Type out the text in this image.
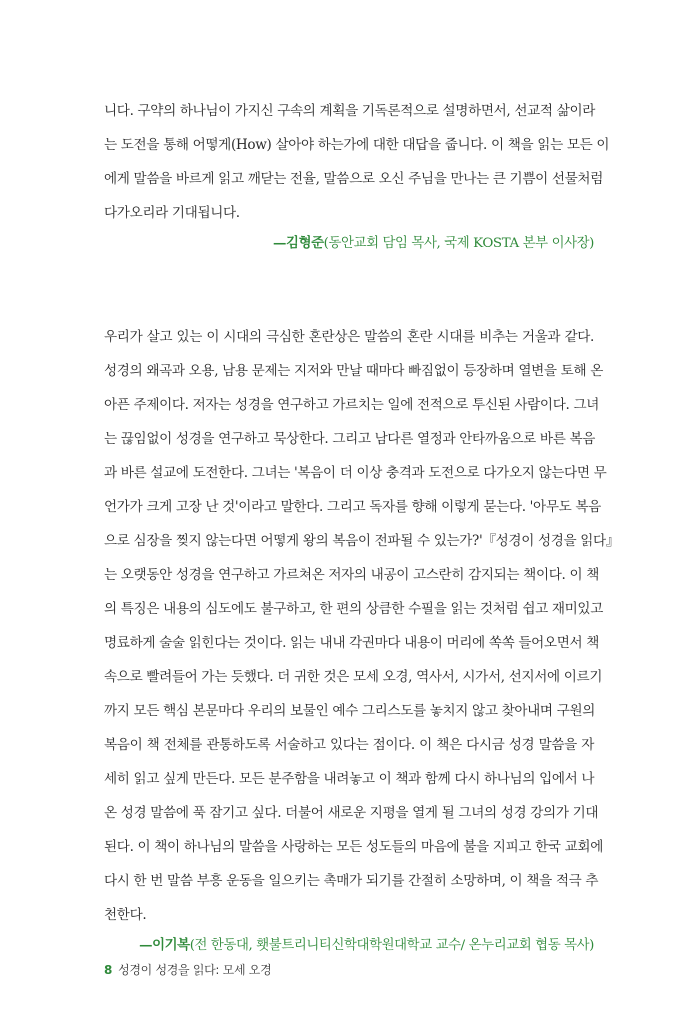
니다. 구약의 하나님이 가지신 구속의 계획을 기독론적으로 설명하면서, 선교적 삶이라
는 도전을 통해 어떻게(How) 살아야 하는가에 대한 대답을 줍니다. 이 책을 읽는 모든 이
에게 말씀을 바르게 읽고 깨닫는 전율, 말씀으로 오신 주님을 만나는 큰 기쁨이 선물처럼
다가오리라 기대됩니다.
—김형준(동안교회 담임 목사, 국제 KOSTA 본부 이사장)
우리가 살고 있는 이 시대의 극심한 혼란상은 말씀의 혼란 시대를 비추는 거울과 같다.
성경의 왜곡과 오용, 남용 문제는 지저와 만날 때마다 빠짐없이 등장하며 열변을 토해 온
아픈 주제이다. 저자는 성경을 연구하고 가르치는 일에 전적으로 투신된 사람이다. 그녀
는 끊임없이 성경을 연구하고 묵상한다. 그리고 남다른 열정과 안타까움으로 바른 복음
과 바른 설교에 도전한다. 그녀는 '복음이 더 이상 충격과 도전으로 다가오지 않는다면 무
언가가 크게 고장 난 것'이라고 말한다. 그리고 독자를 향해 이렇게 묻는다. '아무도 복음
으로 심장을 찢지 않는다면 어떻게 왕의 복음이 전파될 수 있는가?'『성경이 성경을 읽다』
는 오랫동안 성경을 연구하고 가르쳐온 저자의 내공이 고스란히 감지되는 책이다. 이 책
의 특징은 내용의 심도에도 불구하고, 한 편의 상큼한 수필을 읽는 것처럼 쉽고 재미있고
명료하게 술술 읽힌다는 것이다. 읽는 내내 각권마다 내용이 머리에 쏙쏙 들어오면서 책
속으로 빨려들어 가는 듯했다. 더 귀한 것은 모세 오경, 역사서, 시가서, 선지서에 이르기
까지 모든 핵심 본문마다 우리의 보물인 예수 그리스도를 놓치지 않고 찾아내며 구원의
복음이 책 전체를 관통하도록 서술하고 있다는 점이다. 이 책은 다시금 성경 말씀을 자
세히 읽고 싶게 만든다. 모든 분주함을 내려놓고 이 책과 함께 다시 하나님의 입에서 나
온 성경 말씀에 푹 잠기고 싶다. 더불어 새로운 지평을 열게 될 그녀의 성경 강의가 기대
된다. 이 책이 하나님의 말씀을 사랑하는 모든 성도들의 마음에 불을 지피고 한국 교회에
다시 한 번 말씀 부흥 운동을 일으키는 촉매가 되기를 간절히 소망하며, 이 책을 적극 추
천한다.
—이기복(전 한동대, 횃불트리니티신학대학원대학교 교수/ 온누리교회 협동 목사)
8 성경이 성경을 읽다: 모세 오경
